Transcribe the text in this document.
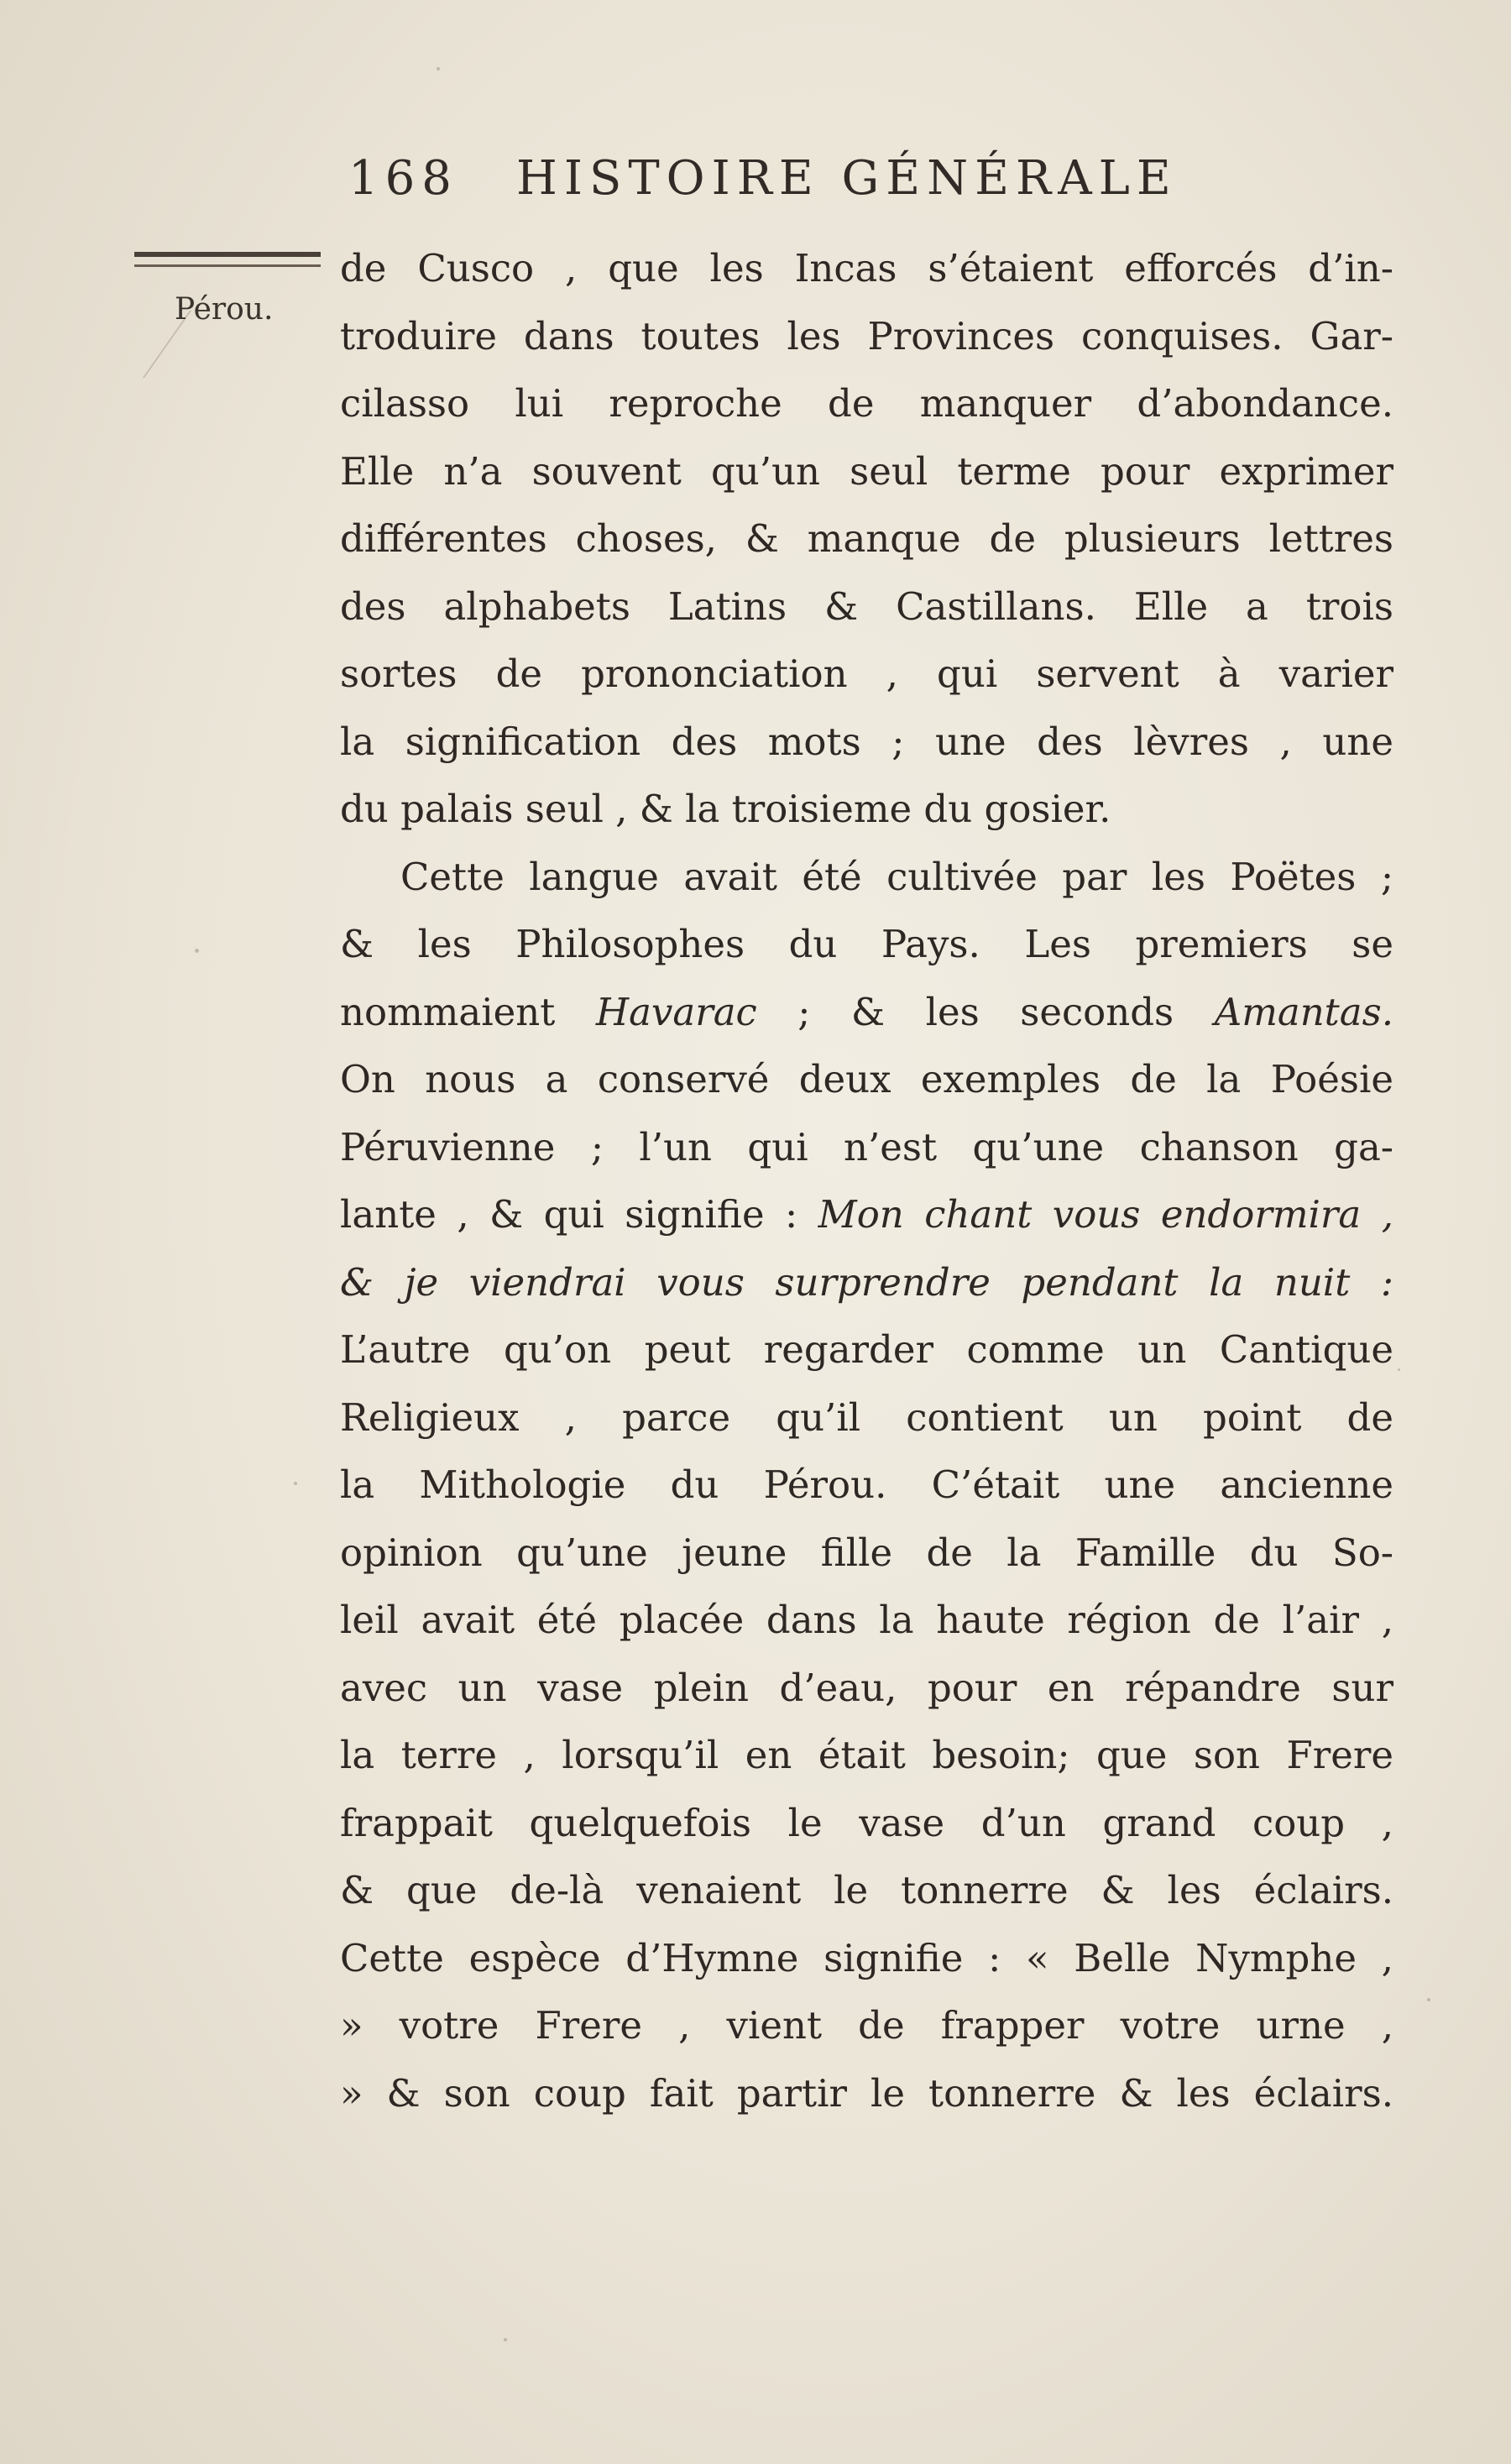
168 HISTOIRE GÉNÉRALE
Pérou.
de Cusco , que les Incas s’étaient efforcés d’in-
troduire dans toutes les Provinces conquises. Gar-
cilasso lui reproche de manquer d’abondance.
Elle n’a souvent qu’un seul terme pour exprimer
différentes choses, & manque de plusieurs lettres
des alphabets Latins & Castillans. Elle a trois
sortes de prononciation , qui servent à varier
la signification des mots ; une des lèvres , une
du palais seul , & la troisieme du gosier.
Cette langue avait été cultivée par les Poëtes ;
& les Philosophes du Pays. Les premiers se
nommaient Havarac ; & les seconds Amantas.
On nous a conservé deux exemples de la Poésie
Péruvienne ; l’un qui n’est qu’une chanson ga-
lante , & qui signifie : Mon chant vous endormira ,
& je viendrai vous surprendre pendant la nuit :
L’autre qu’on peut regarder comme un Cantique
Religieux , parce qu’il contient un point de
la Mithologie du Pérou. C’était une ancienne
opinion qu’une jeune fille de la Famille du So-
leil avait été placée dans la haute région de l’air ,
avec un vase plein d’eau, pour en répandre sur
la terre , lorsqu’il en était besoin; que son Frere
frappait quelquefois le vase d’un grand coup ,
& que de-là venaient le tonnerre & les éclairs.
Cette espèce d’Hymne signifie : « Belle Nymphe ,
» votre Frere , vient de frapper votre urne ,
» & son coup fait partir le tonnerre & les éclairs.
